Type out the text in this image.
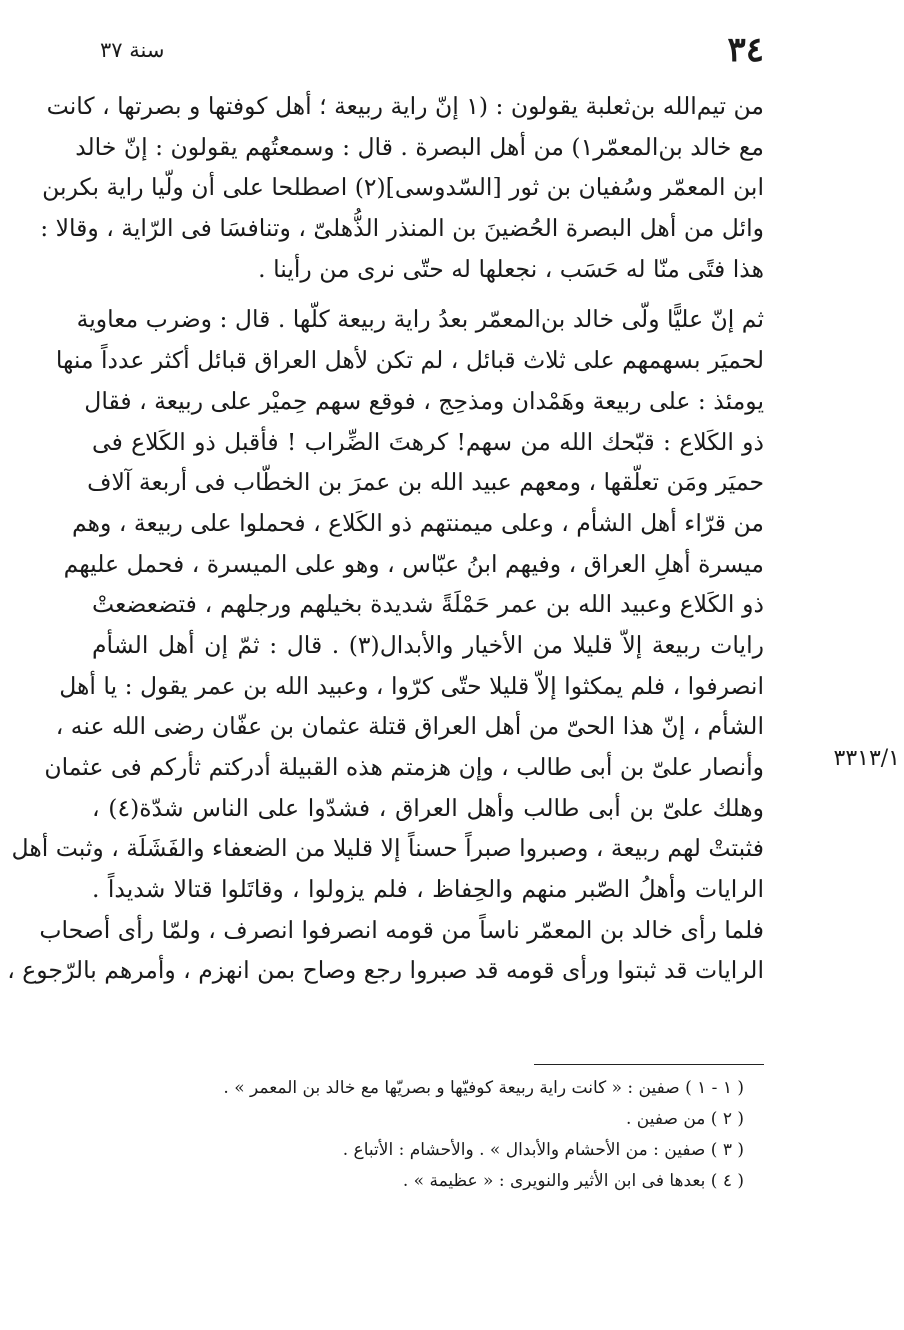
٣٤
سنة ٣٧
من تيم‌الله بن‌ثعلبة يقولون : (١ إنّ راية ربيعة ؛ أهل كوفتها و بصرتها ، كانت
مع خالد بن‌المعمّر١) من أهل البصرة . قال : وسمعتُهم يقولون : إنّ خالد
ابن المعمّر وسُفيان بن ثور [السّدوسى](٢) اصطلحا على أن ولّيا راية بكربن
وائل من أهل البصرة الحُضينَ بن المنذر الذُّهلىّ ، وتنافسَا فى الرّاية ، وقالا :
هذا فتًى منّا له حَسَب ، نجعلها له حتّى نرى من رأينا .
ثم إنّ عليًّا ولّى خالد بن‌المعمّر بعدُ راية ربيعة كلّها . قال : وضرب معاوية
لحميَر بسهمهم على ثلاث قبائل ، لم تكن لأهل العراق قبائل أكثر عدداً منها
يومئذ : على ربيعة وهَمْدان ومذحِج ، فوقع سهم حِميْر على ربيعة ، فقال
ذو الكَلاع : قبّحك الله من سهم! كرهتَ الضِّراب ! فأقبل ذو الكَلاع فى
حميَر ومَن تعلّقها ، ومعهم عبيد الله بن عمرَ بن الخطّاب فى أربعة آلاف
من قرّاء أهل الشأم ، وعلى ميمنتهم ذو الكَلاع ، فحملوا على ربيعة ، وهم
ميسرة أهلِ العراق ، وفيهم ابنُ عبّاس ، وهو على الميسرة ، فحمل عليهم
ذو الكَلاع وعبيد الله بن عمر حَمْلَةً شديدة بخيلهم ورجلهم ، فتضعضعتْ
رايات ربيعة إلاّ قليلا من الأخيار والأبدال(٣) . قال : ثمّ إن أهل الشأم
انصرفوا ، فلم يمكثوا إلاّ قليلا حتّى كرّوا ، وعبيد الله بن عمر يقول : يا أهل
الشأم ، إنّ هذا الحىّ من أهل العراق قتلة عثمان بن عفّان رضى الله عنه ،
وأنصار علىّ بن أبى طالب ، وإن هزمتم هذه القبيلة أدركتم ثأركم فى عثمان
وهلك علىّ بن أبى طالب وأهل العراق ، فشدّوا على الناس شدّة(٤) ،
فثبتتْ لهم ربيعة ، وصبروا صبراً حسناً إلا قليلا من الضعفاء والفَشَلَة ، وثبت أهل
الرايات وأهلُ الصّبر منهم والحِفاظ ، فلم يزولوا ، وقاتَلوا قتالا شديداً .
فلما رأى خالد بن المعمّر ناساً من قومه انصرفوا انصرف ، ولمّا رأى أصحاب
الرايات قد ثبتوا ورأى قومه قد صبروا رجع وصاح بمن انهزم ، وأمرهم بالرّجوع ،
٣٣١٣/١
( ١ - ١ ) صفين : « كانت راية ربيعة كوفيّها و بصريّها مع خالد بن المعمر » .
( ٢ ) من صفين .
( ٣ ) صفين : من الأحشام والأبدال » . والأحشام : الأتباع .
( ٤ ) بعدها فى ابن الأثير والنويرى : « عظيمة » .
